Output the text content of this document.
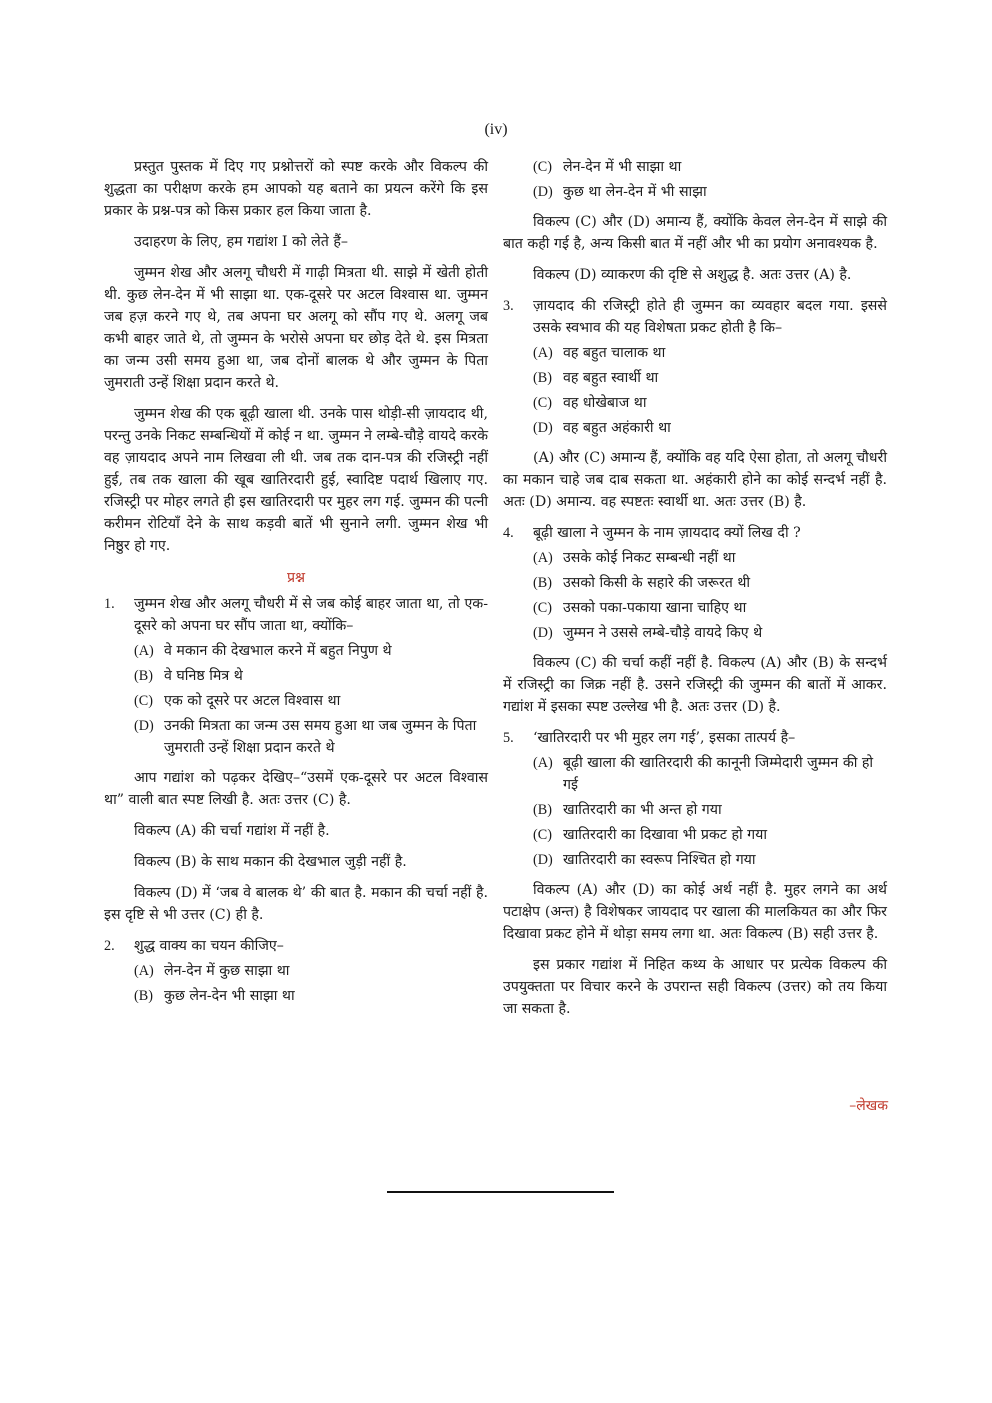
(iv)

प्रस्तुत पुस्तक में दिए गए प्रश्नोत्तरों को स्पष्ट करके और विकल्प की शुद्धता का परीक्षण करके हम आपको यह बताने का प्रयत्न करेंगे कि इस प्रकार के प्रश्न-पत्र को किस प्रकार हल किया जाता है.

उदाहरण के लिए, हम गद्यांश I को लेते हैं–

जुम्मन शेख और अलगू चौधरी में गाढ़ी मित्रता थी. साझे में खेती होती थी. कुछ लेन-देन में भी साझा था. एक-दूसरे पर अटल विश्वास था. जुम्मन जब हज़ करने गए थे, तब अपना घर अलगू को सौंप गए थे. अलगू जब कभी बाहर जाते थे, तो जुम्मन के भरोसे अपना घर छोड़ देते थे. इस मित्रता का जन्म उसी समय हुआ था, जब दोनों बालक थे और जुम्मन के पिता जुमराती उन्हें शिक्षा प्रदान करते थे.

जुम्मन शेख की एक बूढ़ी खाला थी. उनके पास थोड़ी-सी ज़ायदाद थी, परन्तु उनके निकट सम्बन्धियों में कोई न था. जुम्मन ने लम्बे-चौड़े वायदे करके वह ज़ायदाद अपने नाम लिखवा ली थी. जब तक दान-पत्र की रजिस्ट्री नहीं हुई, तब तक खाला की खूब खातिरदारी हुई, स्वादिष्ट पदार्थ खिलाए गए. रजिस्ट्री पर मोहर लगते ही इस खातिरदारी पर मुहर लग गई. जुम्मन की पत्नी करीमन रोटियाँ देने के साथ कड़वी बातें भी सुनाने लगी. जुम्मन शेख भी निष्ठुर हो गए.

प्रश्न
1.	जुम्मन शेख और अलगू चौधरी में से जब कोई बाहर जाता था, तो एक-दूसरे को अपना घर सौंप जाता था, क्योंकि–
(A) वे मकान की देखभाल करने में बहुत निपुण थे
(B) वे घनिष्ठ मित्र थे
(C) एक को दूसरे पर अटल विश्वास था
(D) उनकी मित्रता का जन्म उस समय हुआ था जब जुम्मन के पिता जुमराती उन्हें शिक्षा प्रदान करते थे

आप गद्यांश को पढ़कर देखिए–“उसमें एक-दूसरे पर अटल विश्वास था” वाली बात स्पष्ट लिखी है. अतः उत्तर (C) है.

विकल्प (A) की चर्चा गद्यांश में नहीं है.

विकल्प (B) के साथ मकान की देखभाल जुड़ी नहीं है.

विकल्प (D) में ‘जब वे बालक थे’ की बात है. मकान की चर्चा नहीं है. इस दृष्टि से भी उत्तर (C) ही है.

2.	शुद्ध वाक्य का चयन कीजिए–
(A) लेन-देन में कुछ साझा था
(B) कुछ लेन-देन भी साझा था
(C) लेन-देन में भी साझा था
(D) कुछ था लेन-देन में भी साझा

विकल्प (C) और (D) अमान्य हैं, क्योंकि केवल लेन-देन में साझे की बात कही गई है, अन्य किसी बात में नहीं और भी का प्रयोग अनावश्यक है.

विकल्प (D) व्याकरण की दृष्टि से अशुद्ध है. अतः उत्तर (A) है.

3.	ज़ायदाद की रजिस्ट्री होते ही जुम्मन का व्यवहार बदल गया. इससे उसके स्वभाव की यह विशेषता प्रकट होती है कि–
(A) वह बहुत चालाक था
(B) वह बहुत स्वार्थी था
(C) वह धोखेबाज था
(D) वह बहुत अहंकारी था

(A) और (C) अमान्य हैं, क्योंकि वह यदि ऐसा होता, तो अलगू चौधरी का मकान चाहे जब दाब सकता था. अहंकारी होने का कोई सन्दर्भ नहीं है. अतः (D) अमान्य. वह स्पष्टतः स्वार्थी था. अतः उत्तर (B) है.

4.	बूढ़ी खाला ने जुम्मन के नाम ज़ायदाद क्यों लिख दी ?
(A) उसके कोई निकट सम्बन्धी नहीं था
(B) उसको किसी के सहारे की जरूरत थी
(C) उसको पका-पकाया खाना चाहिए था
(D) जुम्मन ने उससे लम्बे-चौड़े वायदे किए थे

विकल्प (C) की चर्चा कहीं नहीं है. विकल्प (A) और (B) के सन्दर्भ में रजिस्ट्री का जिक्र नहीं है. उसने रजिस्ट्री की जुम्मन की बातों में आकर. गद्यांश में इसका स्पष्ट उल्लेख भी है. अतः उत्तर (D) है.

5.	‘खातिरदारी पर भी मुहर लग गई’, इसका तात्पर्य है–
(A) बूढ़ी खाला की खातिरदारी की कानूनी जिम्मेदारी जुम्मन की हो गई
(B) खातिरदारी का भी अन्त हो गया
(C) खातिरदारी का दिखावा भी प्रकट हो गया
(D) खातिरदारी का स्वरूप निश्चित हो गया

विकल्प (A) और (D) का कोई अर्थ नहीं है. मुहर लगने का अर्थ पटाक्षेप (अन्त) है विशेषकर जायदाद पर खाला की मालकियत का और फिर दिखावा प्रकट होने में थोड़ा समय लगा था. अतः विकल्प (B) सही उत्तर है.

इस प्रकार गद्यांश में निहित कथ्य के आधार पर प्रत्येक विकल्प की उपयुक्तता पर विचार करने के उपरान्त सही विकल्प (उत्तर) को तय किया जा सकता है.

–लेखक
